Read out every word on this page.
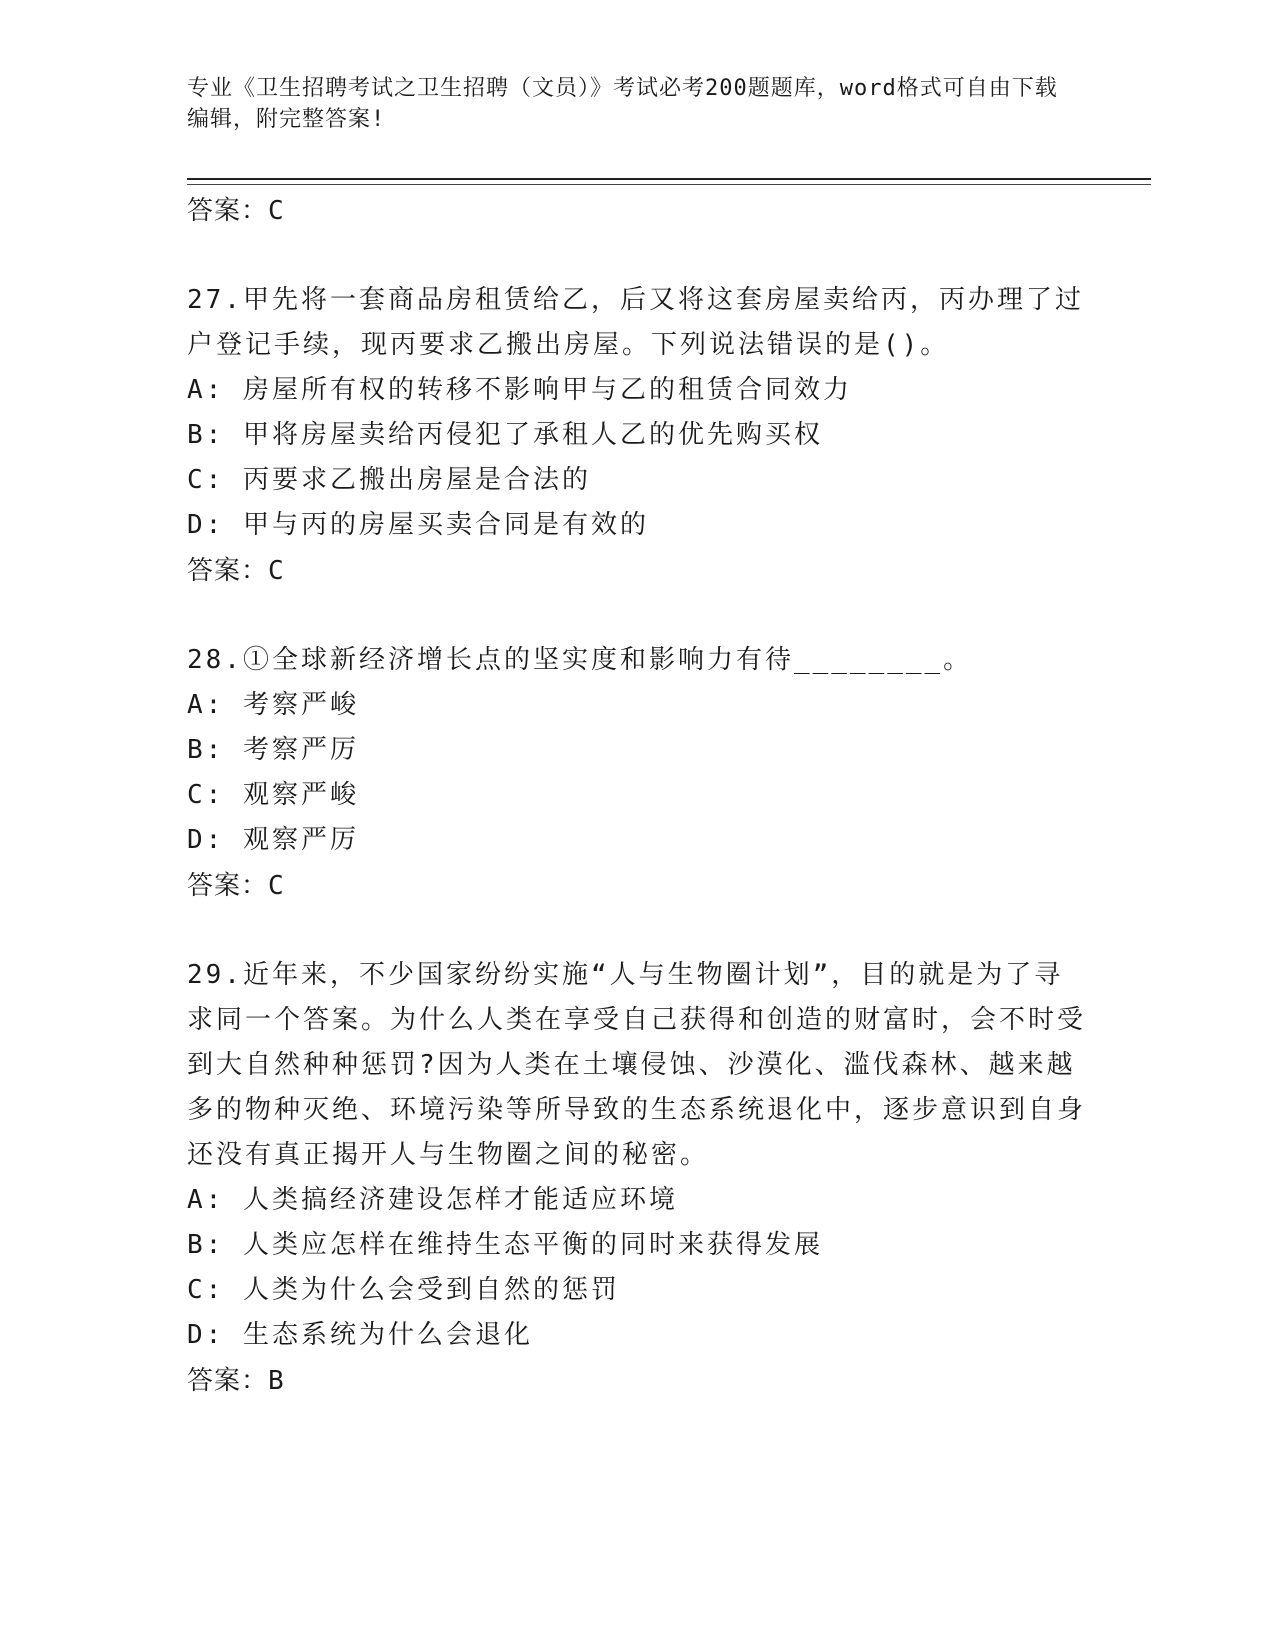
专业《卫生招聘考试之卫生招聘（文员）》考试必考200题题库，word格式可自由下载编辑，附完整答案!
答案：C
27.甲先将一套商品房租赁给乙，后又将这套房屋卖给丙，丙办理了过户登记手续，现丙要求乙搬出房屋。下列说法错误的是()。
A: 房屋所有权的转移不影响甲与乙的租赁合同效力
B: 甲将房屋卖给丙侵犯了承租人乙的优先购买权
C: 丙要求乙搬出房屋是合法的
D: 甲与丙的房屋买卖合同是有效的
答案：C
28.①全球新经济增长点的坚实度和影响力有待________。
A: 考察严峻
B: 考察严厉
C: 观察严峻
D: 观察严厉
答案：C
29.近年来，不少国家纷纷实施“人与生物圈计划”，目的就是为了寻求同一个答案。为什么人类在享受自己获得和创造的财富时，会不时受到大自然种种惩罚?因为人类在土壤侵蚀、沙漠化、滥伐森林、越来越多的物种灭绝、环境污染等所导致的生态系统退化中，逐步意识到自身还没有真正揭开人与生物圈之间的秘密。
A: 人类搞经济建设怎样才能适应环境
B: 人类应怎样在维持生态平衡的同时来获得发展
C: 人类为什么会受到自然的惩罚
D: 生态系统为什么会退化
答案：B
